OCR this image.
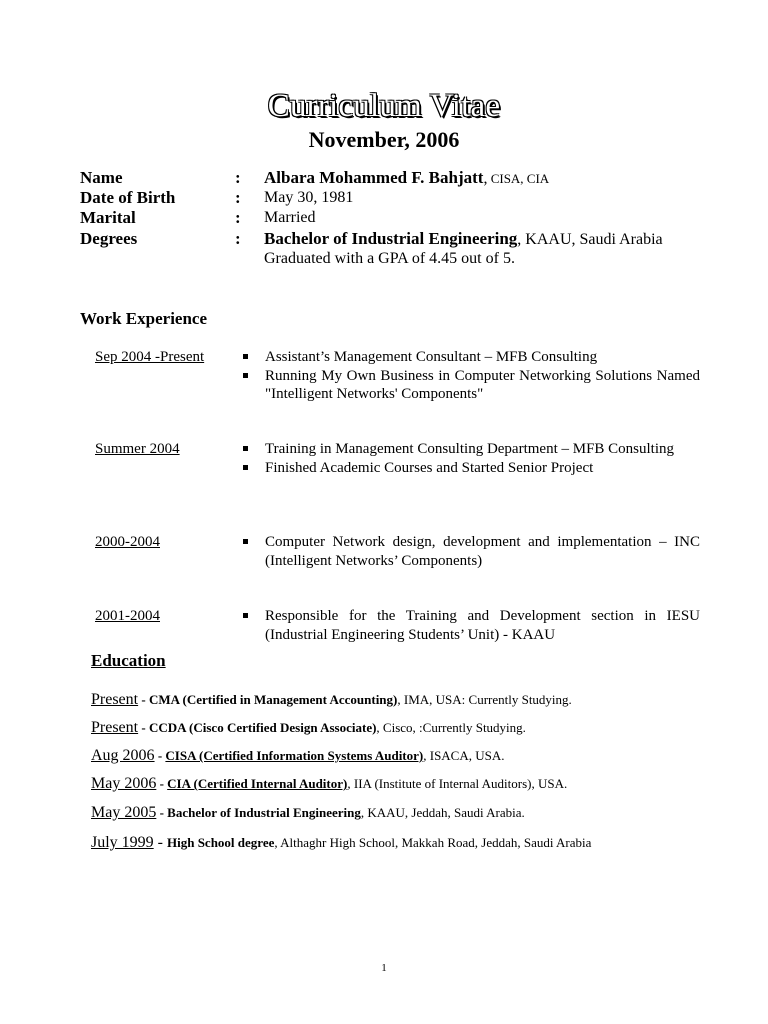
Curriculum Vitae
November, 2006
Name	: Albara Mohammed F. Bahjatt, CISA, CIA
Date of Birth	: May 30, 1981
Marital	: Married
Degrees	: Bachelor of Industrial Engineering, KAAU, Saudi Arabia
Graduated with a GPA of 4.45 out of 5.
Work Experience
Sep 2004 -Present	Assistant’s Management Consultant – MFB Consulting
Running My Own Business in Computer Networking Solutions Named "Intelligent Networks' Components"
Summer 2004	Training in Management Consulting Department – MFB Consulting
Finished Academic Courses and Started Senior Project
2000-2004	Computer Network design, development and implementation – INC (Intelligent Networks’ Components)
2001-2004	Responsible for the Training and Development section in IESU (Industrial Engineering Students’ Unit) - KAAU
Education
Present - CMA (Certified in Management Accounting), IMA, USA: Currently Studying.
Present - CCDA (Cisco Certified Design Associate), Cisco, :Currently Studying.
Aug 2006 - CISA (Certified Information Systems Auditor), ISACA, USA.
May 2006 - CIA (Certified Internal Auditor), IIA (Institute of Internal Auditors), USA.
May 2005 - Bachelor of Industrial Engineering, KAAU, Jeddah, Saudi Arabia.
July 1999 - High School degree, Althaghr High School, Makkah Road, Jeddah, Saudi Arabia
1
